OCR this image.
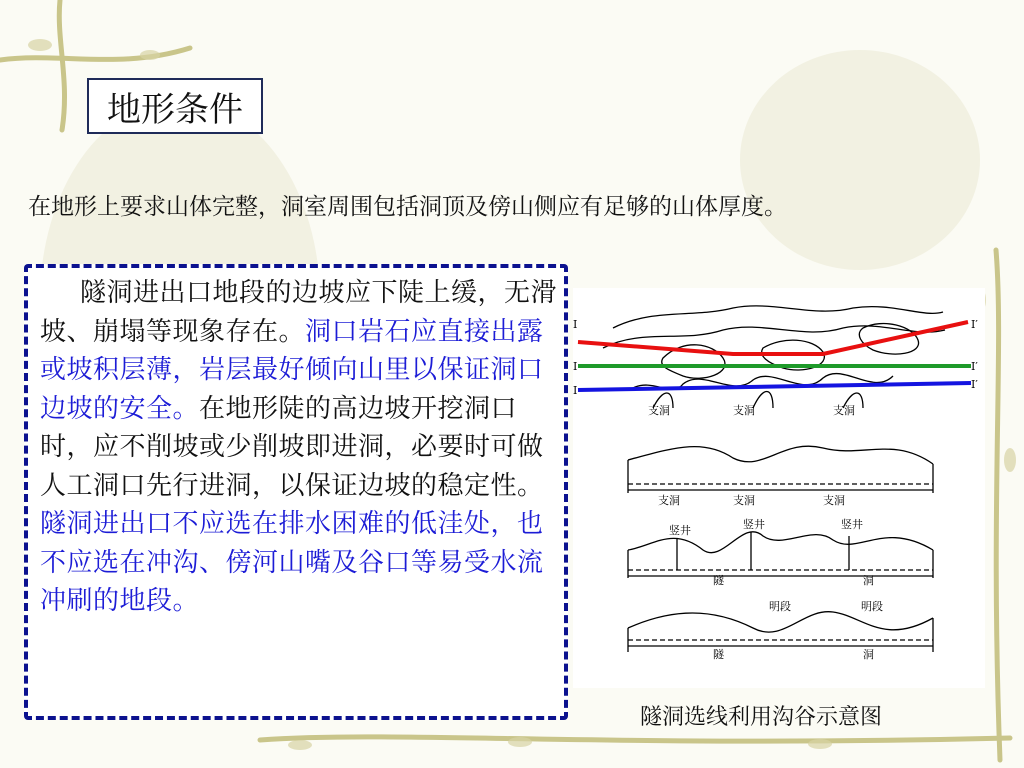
地形条件
在地形上要求山体完整，洞室周围包括洞顶及傍山侧应有足够的山体厚度。

隧洞进出口地段的边坡应下陡上缓，无滑坡、崩塌等现象存在。洞口岩石应直接出露或坡积层薄，岩层最好倾向山里以保证洞口边坡的安全。在地形陡的高边坡开挖洞口时，应不削坡或少削坡即进洞，必要时可做人工洞口先行进洞，以保证边坡的稳定性。隧洞进出口不应选在排水困难的低洼处，也不应选在冲沟、傍河山嘴及谷口等易受水流冲刷的地段。

I
I
I
I′
I′
I′
支洞	支洞	支洞
支洞	支洞	支洞
竖井	竖井	竖井
隧	洞
明段	明段
隧	洞
隧洞选线利用沟谷示意图
